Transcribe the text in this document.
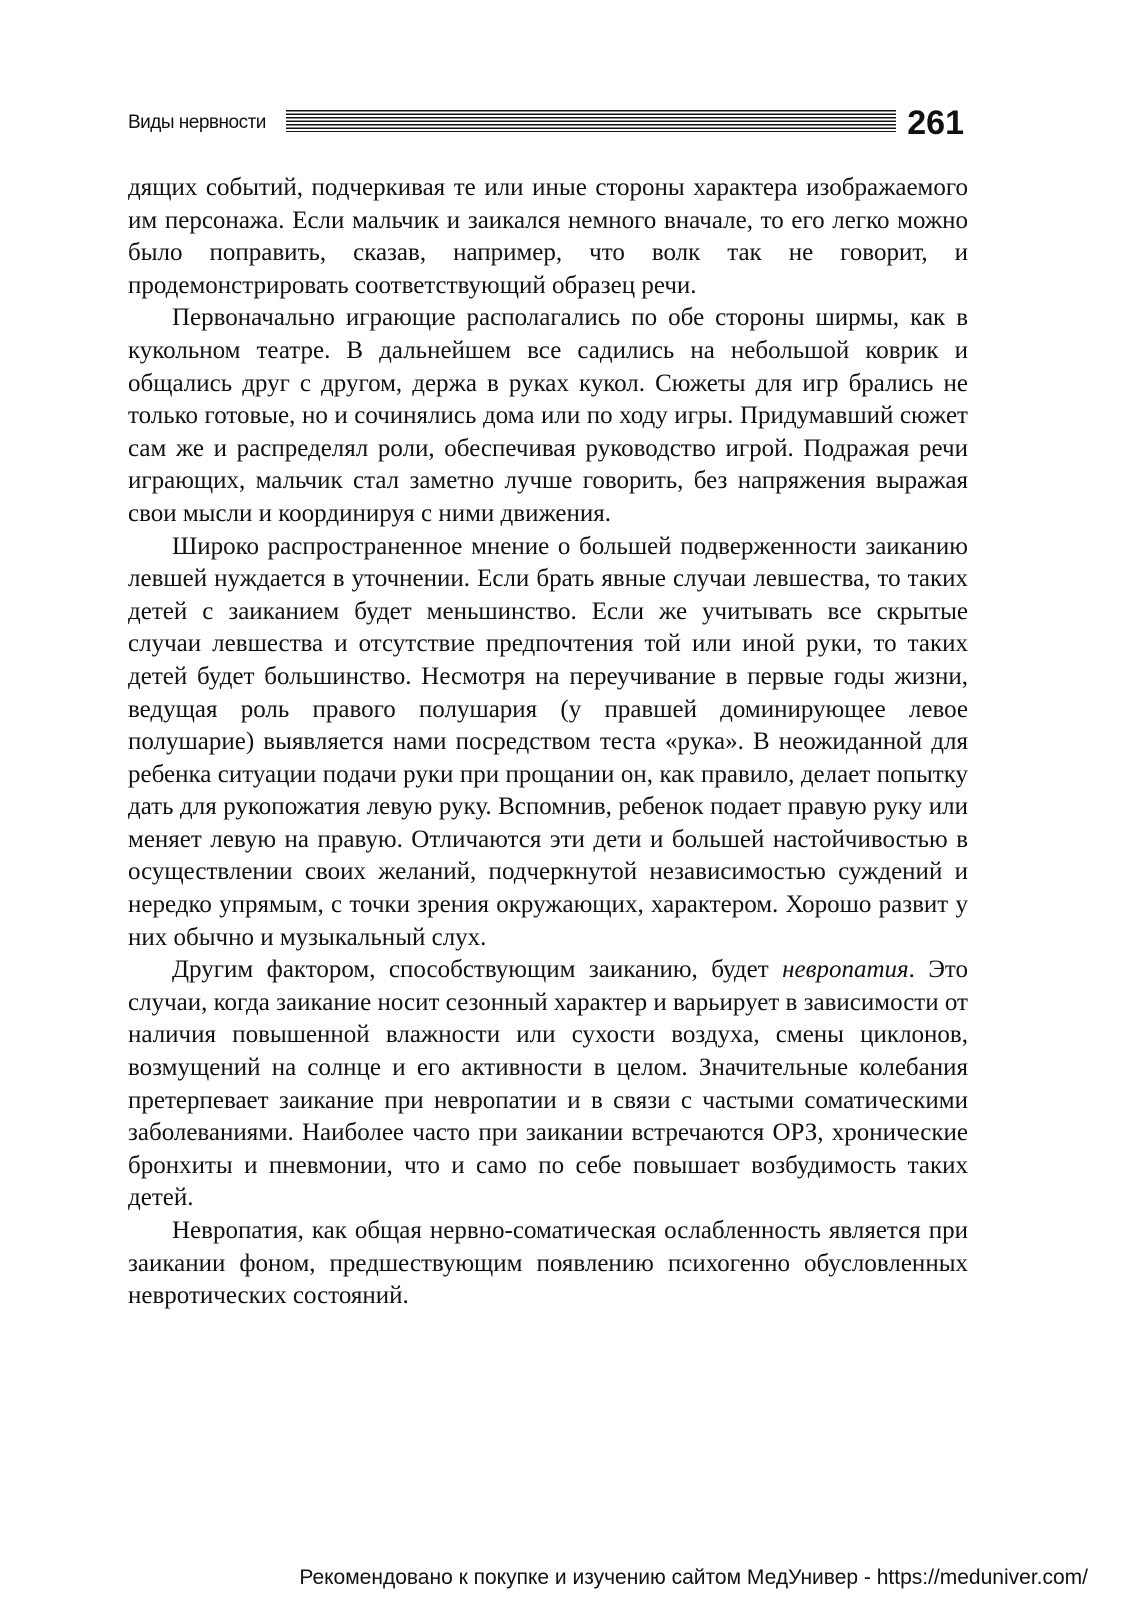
Виды нервности	261

дящих событий, подчеркивая те или иные стороны характера изображаемого им персонажа. Если мальчик и заикался немного вначале, то его легко можно было поправить, сказав, например, что волк так не говорит, и продемонстрировать соответствующий образец речи.

Первоначально играющие располагались по обе стороны ширмы, как в кукольном театре. В дальнейшем все садились на небольшой коврик и общались друг с другом, держа в руках кукол. Сюжеты для игр брались не только готовые, но и сочинялись дома или по ходу игры. Придумавший сюжет сам же и распределял роли, обеспечивая руководство игрой. Подражая речи играющих, мальчик стал заметно лучше говорить, без напряжения выражая свои мысли и координируя с ними движения.

Широко распространенное мнение о большей подверженности заиканию левшей нуждается в уточнении. Если брать явные случаи левшества, то таких детей с заиканием будет меньшинство. Если же учитывать все скрытые случаи левшества и отсутствие предпочтения той или иной руки, то таких детей будет большинство. Несмотря на переучивание в первые годы жизни, ведущая роль правого полушария (у правшей доминирующее левое полушарие) выявляется нами посредством теста «рука». В неожиданной для ребенка ситуации подачи руки при прощании он, как правило, делает попытку дать для рукопожатия левую руку. Вспомнив, ребенок подает правую руку или меняет левую на правую. Отличаются эти дети и большей настойчивостью в осуществлении своих желаний, подчеркнутой независимостью суждений и нередко упрямым, с точки зрения окружающих, характером. Хорошо развит у них обычно и музыкальный слух.

Другим фактором, способствующим заиканию, будет невропатия. Это случаи, когда заикание носит сезонный характер и варьирует в зависимости от наличия повышенной влажности или сухости воздуха, смены циклонов, возмущений на солнце и его активности в целом. Значительные колебания претерпевает заикание при невропатии и в связи с частыми соматическими заболеваниями. Наиболее часто при заикании встречаются ОРЗ, хронические бронхиты и пневмонии, что и само по себе повышает возбудимость таких детей.

Невропатия, как общая нервно-соматическая ослабленность является при заикании фоном, предшествующим появлению психогенно обусловленных невротических состояний.

Рекомендовано к покупке и изучению сайтом МедУнивер - https://meduniver.com/
